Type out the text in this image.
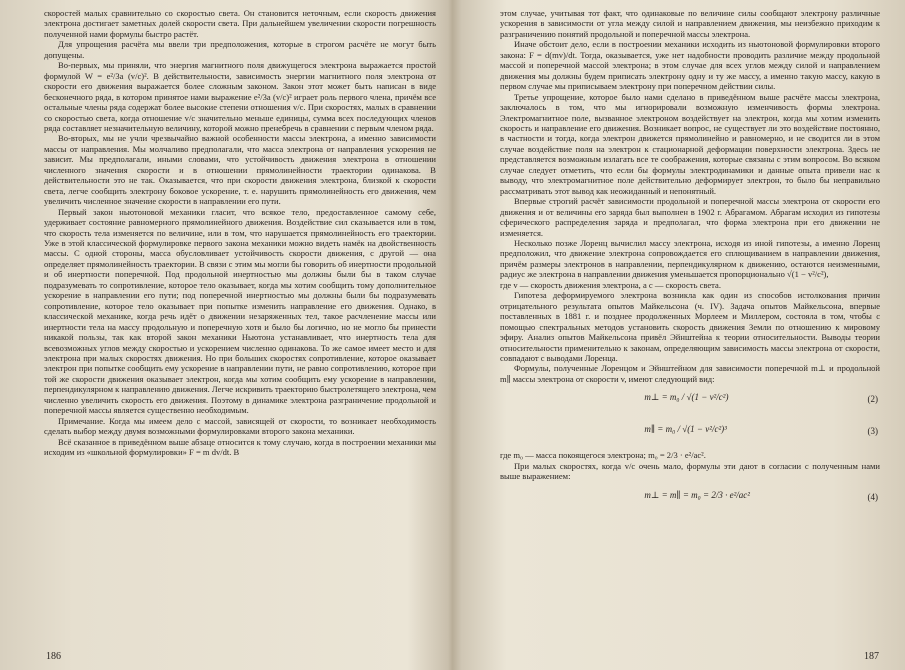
скоростей малых сравнительно со скоростью света. Он становится неточным, если скорость движения электрона достигает заметных долей скорости света. При дальнейшем увеличении скорости погрешность полученной нами формулы быстро растёт.

Для упрощения расчёта мы ввели три предположения, которые в строгом расчёте не могут быть допущены.

Во-первых, мы приняли, что энергия магнитного поля движущегося электрона выражается простой формулой W = e²/3a (v/c)². В действительности, зависимость энергии магнитного поля электрона от скорости его движения выражается более сложным законом. Закон этот может быть написан в виде бесконечного ряда, в котором принятое нами выражение e²/3a (v/c)² играет роль первого члена, причём все остальные члены ряда содержат более высокие степени отношения v/c. При скоростях, малых в сравнении со скоростью света, когда отношение v/c значительно меньше единицы, сумма всех последующих членов ряда составляет незначительную величину, которой можно пренебречь в сравнении с первым членом ряда.

Во-вторых, мы не учли чрезвычайно важной особенности массы электрона, а именно зависимости массы от направления. Мы молчаливо предполагали, что масса электрона от направления ускорения не зависит. Мы предполагали, иными словами, что устойчивость движения электрона в отношении численного значения скорости и в отношении прямолинейности траектории одинакова. В действительности это не так. Оказывается, что при скорости движения электрона, близкой к скорости света, легче сообщить электрону боковое ускорение, т. е. нарушить прямолинейность его движения, чем увеличить численное значение скорости в направлении его пути.

Первый закон ньютоновой механики гласит, что всякое тело, предоставленное самому себе, удерживает состояние равномерного прямолинейного движения. Воздействие сил сказывается или в том, что скорость тела изменяется по величине, или в том, что нарушается прямолинейность его траектории. Уже в этой классической формулировке первого закона механики можно видеть намёк на двойственность массы. С одной стороны, масса обусловливает устойчивость скорости движения, с другой — она определяет прямолинейность траектории. В связи с этим мы могли бы говорить об инертности продольной и об инертности поперечной. Под продольной инертностью мы должны были бы в таком случае подразумевать то сопротивление, которое тело оказывает, когда мы хотим сообщить тому дополнительное ускорение в направлении его пути; под поперечной инертностью мы должны были бы подразумевать сопротивление, которое тело оказывает при попытке изменить направление его движения. Однако, в классической механике, когда речь идёт о движении незаряженных тел, такое расчленение массы или инертности тела на массу продольную и поперечную хотя и было бы логично, но не могло бы принести никакой пользы, так как второй закон механики Ньютона устанавливает, что инертность тела для всевозможных углов между скоростью и ускорением численно одинакова. То же самое имеет место и для электрона при малых скоростях движения. Но при больших скоростях сопротивление, которое оказывает электрон при попытке сообщить ему ускорение в направлении пути, не равно сопротивлению, которое при той же скорости движения оказывает электрон, когда мы хотим сообщить ему ускорение в направлении, перпендикулярном к направлению движения. Легче искривить траекторию быстролетящего электрона, чем численно увеличить скорость его движения. Поэтому в динамике электрона разграничение продольной и поперечной массы является существенно необходимым.

Примечание. Когда мы имеем дело с массой, зависящей от скорости, то возникает необходимость сделать выбор между двумя возможными формулировками второго закона механики.

Всё сказанное в приведённом выше абзаце относится к тому случаю, когда в построении механики мы исходим из «школьной формулировки» F = m dv/dt. В

186

этом случае, учитывая тот факт, что одинаковые по величине силы сообщают электрону различные ускорения в зависимости от угла между силой и направлением движения, мы неизбежно приходим к разграничению понятий продольной и поперечной массы электрона.

Иначе обстоит дело, если в построении механики исходить из ньютоновой формулировки второго закона: F = d(mv)/dt. Тогда, оказывается, уже нет надобности проводить различие между продольной массой и поперечной массой электрона; в этом случае для всех углов между силой и направлением движения мы должны будем приписать электрону одну и ту же массу, а именно такую массу, какую в первом случае мы приписываем электрону при поперечном действии силы.

Третье упрощение, которое было нами сделано в приведённом выше расчёте массы электрона, заключалось в том, что мы игнорировали возможную изменчивость формы электрона. Электромагнитное поле, вызванное электроном воздействует на электрон, когда мы хотим изменить скорость и направление его движения. Возникает вопрос, не существует ли это воздействие постоянно, в частности и тогда, когда электрон движется прямолинейно и равномерно, и не сводится ли в этом случае воздействие поля на электрон к стационарной деформации поверхности электрона. Здесь не представляется возможным излагать все те соображения, которые связаны с этим вопросом. Во всяком случае следует отметить, что если бы формулы электродинамики и данные опыта привели нас к выводу, что электромагнитное поле действительно деформирует электрон, то было бы неправильно рассматривать этот вывод как неожиданный и непонятный.

Впервые строгий расчёт зависимости продольной и поперечной массы электрона от скорости его движения и от величины его заряда был выполнен в 1902 г. Абрагамом. Абрагам исходил из гипотезы сферического распределения заряда и предполагал, что форма электрона при его движении не изменяется.

Несколько позже Лоренц вычислил массу электрона, исходя из иной гипотезы, а именно Лоренц предположил, что движение электрона сопровождается его сплющиванием в направлении движения, причём размеры электронов в направлении, перпендикулярном к движению, остаются неизменными, радиус же электрона в направлении движения уменьшается пропорционально √(1 − v²/c²),

где v — скорость движения электрона, а c — скорость света.

Гипотеза деформируемого электрона возникла как один из способов истолкования причин отрицательного результата опытов Майкельсона (ч. IV). Задача опытов Майкельсона, впервые поставленных в 1881 г. и позднее продолженных Морлеем и Миллером, состояла в том, чтобы с помощью спектральных методов установить скорость движения Земли по отношению к мировому эфиру. Анализ опытов Майкельсона привёл Эйнштейна к теории относительности. Выводы теории относительности применительно к законам, определяющим зависимость массы электрона от скорости, совпадают с выводами Лоренца.

Формулы, полученные Лоренцом и Эйнштейном для зависимости поперечной m⊥ и продольной m∥ массы электрона от скорости v, имеют следующий вид:

m⊥ = m₀ / √(1 − v²/c²)	(2)
m∥ = m₀ / √(1 − v²/c²)³	(3)

где m₀ — масса покоящегося электрона; m₀ = 2/3 · e²/ac².

При малых скоростях, когда v/c очень мало, формулы эти дают в согласии с полученным нами выше выражением:

m⊥ = m∥ = m₀ = 2/3 · e²/ac²	(4)
187
